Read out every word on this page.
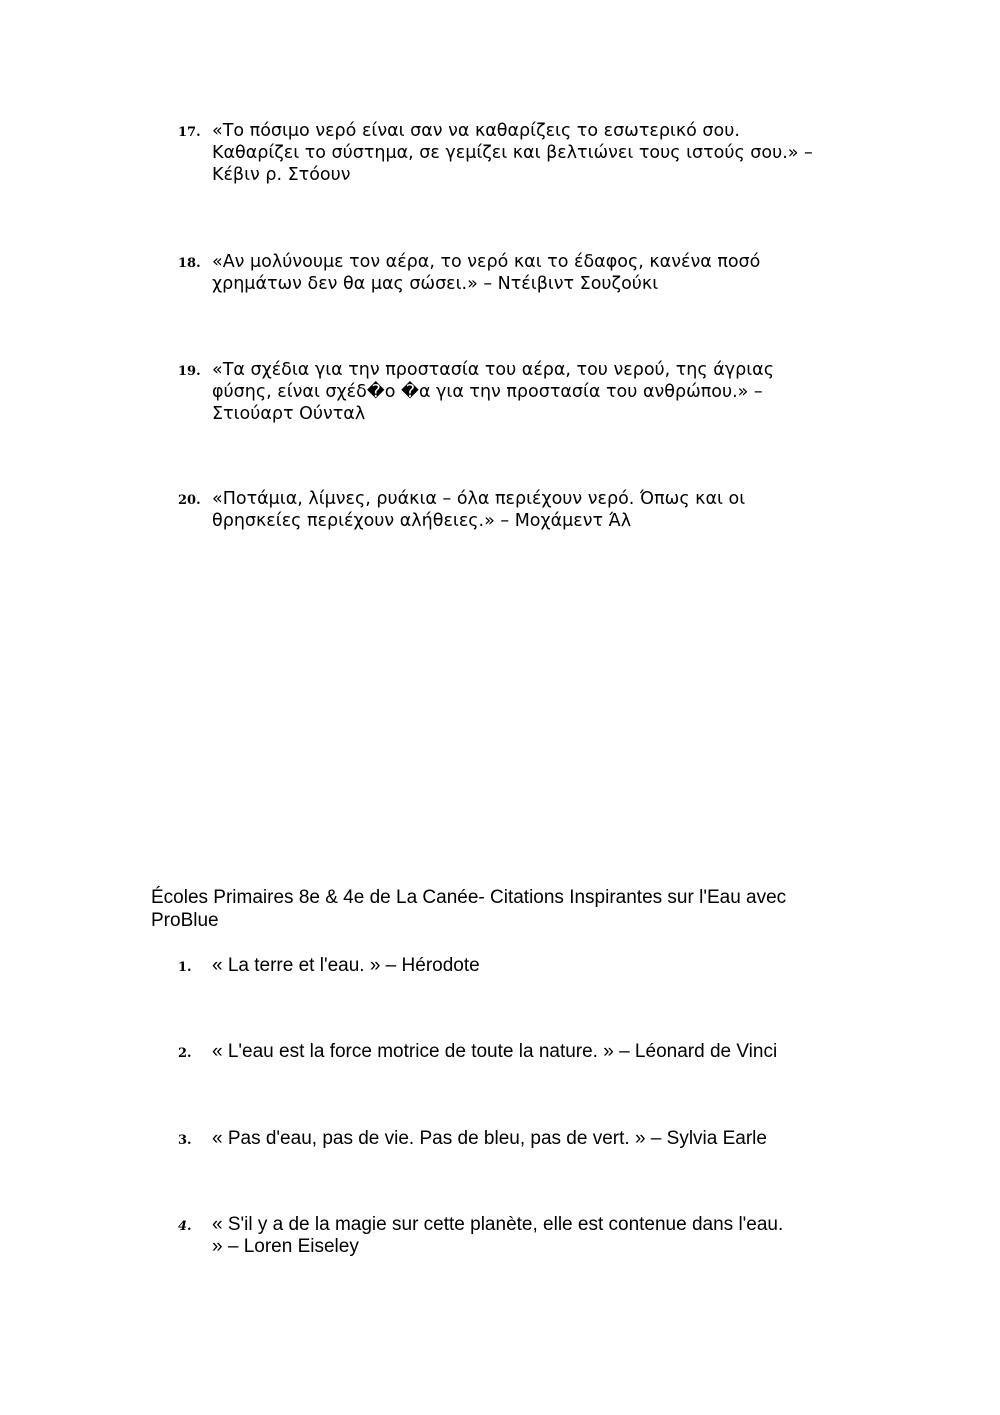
17. «Το πόσιμο νερό είναι σαν να καθαρίζεις το εσωτερικό σου.
Καθαρίζει το σύστημα, σε γεμίζει και βελτιώνει τους ιστούς σου.» –
Κέβιν ρ. Στόουν
18. «Αν μολύνουμε τον αέρα, το νερό και το έδαφος, κανένα ποσό
χρημάτων δεν θα μας σώσει.» – Ντέιβιντ Σουζούκι
19. «Τα σχέδια για την προστασία του αέρα, του νερού, της άγριας
φύσης, είναι σχέδ�ο �α για την προστασία του ανθρώπου.» –
Στιούαρτ Ούνταλ
20. «Ποτάμια, λίμνες, ρυάκια – όλα περιέχουν νερό. Όπως και οι
θρησκείες περιέχουν αλήθειες.» – Μοχάμεντ Άλ
Écoles Primaires 8e & 4e de La Canée- Citations Inspirantes sur l'Eau avec
ProBlue
1.	« La terre et l'eau. » – Hérodote
2.	« L'eau est la force motrice de toute la nature. » – Léonard de Vinci
3.	« Pas d'eau, pas de vie. Pas de bleu, pas de vert. » – Sylvia Earle
4.	« S'il y a de la magie sur cette planète, elle est contenue dans l'eau.
» – Loren Eiseley
